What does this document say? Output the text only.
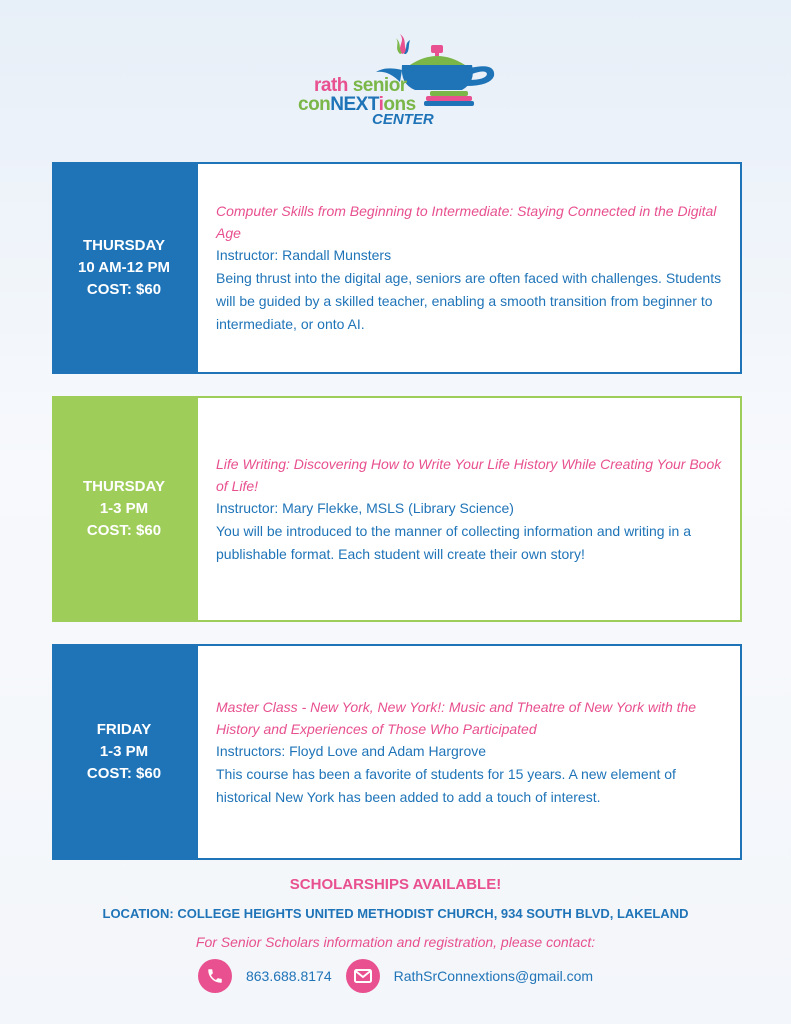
rath senior
conNEXTions
CENTER
THURSDAY
10 AM-12 PM
COST: $60

Computer Skills from Beginning to Intermediate: Staying Connected in the Digital Age

Instructor: Randall Munsters

Being thrust into the digital age, seniors are often faced with challenges. Students will be guided by a skilled teacher, enabling a smooth transition from beginner to intermediate, or onto AI.

THURSDAY
1-3 PM
COST: $60

Life Writing: Discovering How to Write Your Life History While Creating Your Book of Life!

Instructor: Mary Flekke, MSLS (Library Science)

You will be introduced to the manner of collecting information and writing in a publishable format. Each student will create their own story!

FRIDAY
1-3 PM
COST: $60

Master Class - New York, New York!: Music and Theatre of New York with the History and Experiences of Those Who Participated

Instructors: Floyd Love and Adam Hargrove

This course has been a favorite of students for 15 years. A new element of historical New York has been added to add a touch of interest.

SCHOLARSHIPS AVAILABLE!
LOCATION: COLLEGE HEIGHTS UNITED METHODIST CHURCH, 934 SOUTH BLVD, LAKELAND
For Senior Scholars information and registration, please contact:
863.688.8174	RathSrConnextions@gmail.com
